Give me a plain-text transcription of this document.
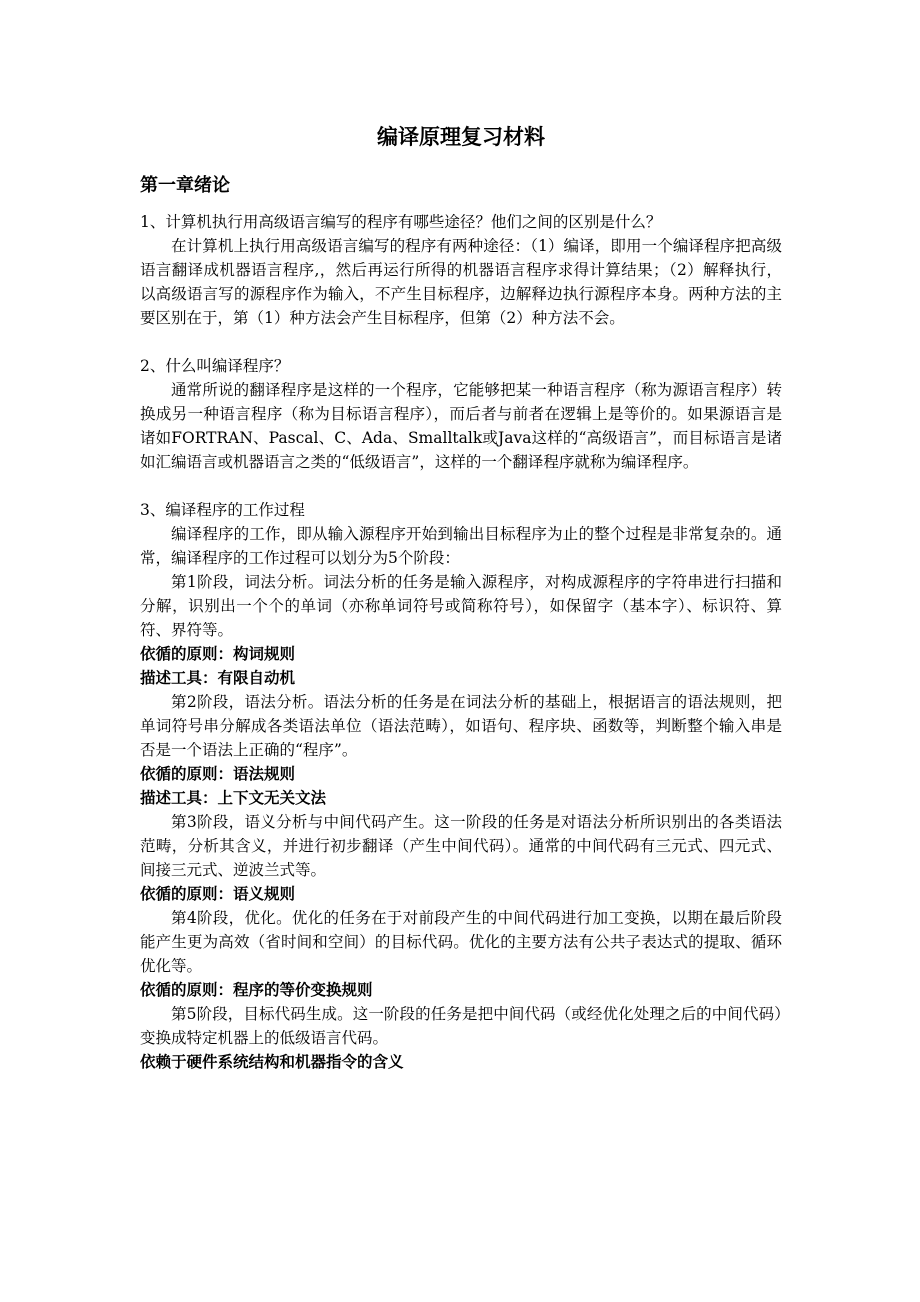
编译原理复习材料
第一章绪论

1、计算机执行用高级语言编写的程序有哪些途径？他们之间的区别是什么？

在计算机上执行用高级语言编写的程序有两种途径：（1）编译，即用一个编译程序把高级语言翻译成机器语言程序,，然后再运行所得的机器语言程序求得计算结果；（2）解释执行，以高级语言写的源程序作为输入，不产生目标程序，边解释边执行源程序本身。两种方法的主要区别在于，第（1）种方法会产生目标程序，但第（2）种方法不会。

2、什么叫编译程序？

通常所说的翻译程序是这样的一个程序，它能够把某一种语言程序（称为源语言程序）转换成另一种语言程序（称为目标语言程序），而后者与前者在逻辑上是等价的。如果源语言是诸如FORTRAN、Pascal、C、Ada、Smalltalk或Java这样的“高级语言”，而目标语言是诸如汇编语言或机器语言之类的“低级语言”，这样的一个翻译程序就称为编译程序。

3、编译程序的工作过程

编译程序的工作，即从输入源程序开始到输出目标程序为止的整个过程是非常复杂的。通常，编译程序的工作过程可以划分为5个阶段：

第1阶段，词法分析。词法分析的任务是输入源程序，对构成源程序的字符串进行扫描和分解，识别出一个个的单词（亦称单词符号或简称符号），如保留字（基本字）、标识符、算符、界符等。

依循的原则：构词规则

描述工具：有限自动机

第2阶段，语法分析。语法分析的任务是在词法分析的基础上，根据语言的语法规则，把单词符号串分解成各类语法单位（语法范畴），如语句、程序块、函数等，判断整个输入串是否是一个语法上正确的“程序”。

依循的原则：语法规则

描述工具：上下文无关文法

第3阶段，语义分析与中间代码产生。这一阶段的任务是对语法分析所识别出的各类语法范畴，分析其含义，并进行初步翻译（产生中间代码）。通常的中间代码有三元式、四元式、间接三元式、逆波兰式等。

依循的原则：语义规则

第4阶段，优化。优化的任务在于对前段产生的中间代码进行加工变换，以期在最后阶段能产生更为高效（省时间和空间）的目标代码。优化的主要方法有公共子表达式的提取、循环优化等。

依循的原则：程序的等价变换规则

第5阶段，目标代码生成。这一阶段的任务是把中间代码（或经优化处理之后的中间代码）变换成特定机器上的低级语言代码。

依赖于硬件系统结构和机器指令的含义
